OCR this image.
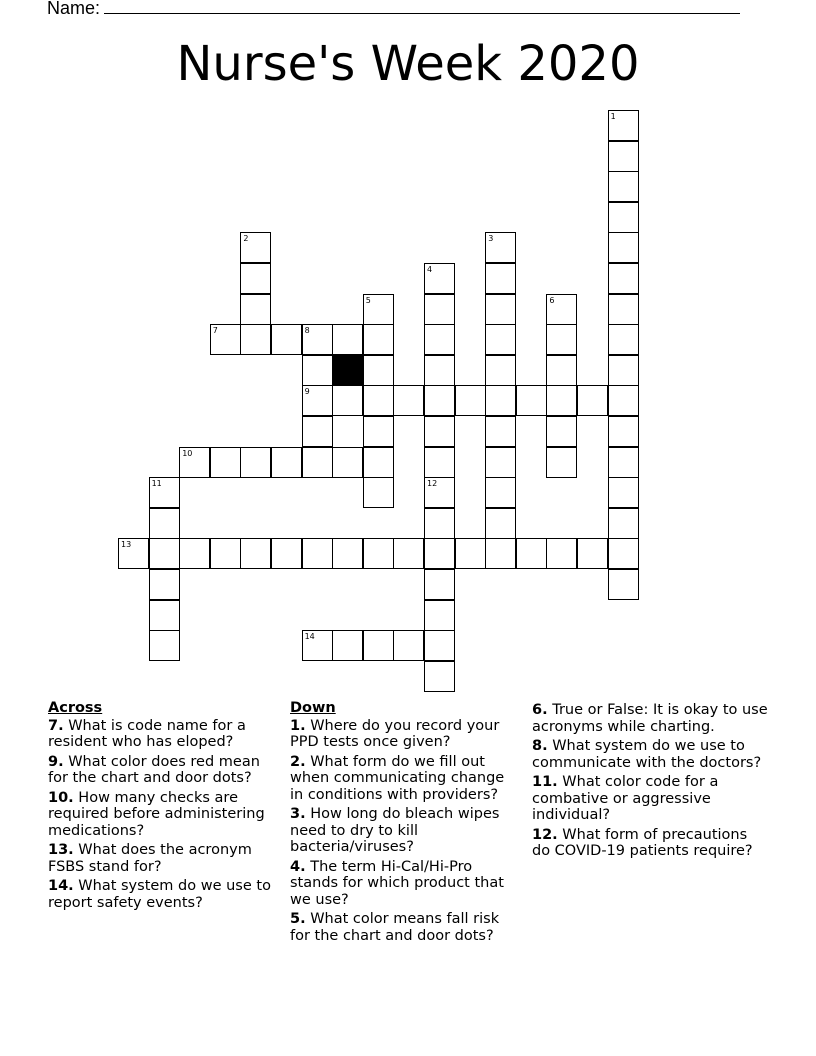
Name:
Nurse's Week 2020
1
2	3
4
5	6
7	8
9
10
11
13
12
14
Across
7. What is code name for a resident who has eloped?
9. What color does red mean for the chart and door dots?
10. How many checks are required before administering medications?
13. What does the acronym FSBS stand for?
14. What system do we use to report safety events?
Down
1. Where do you record your PPD tests once given?
2. What form do we fill out when communicating change in conditions with providers?
3. How long do bleach wipes need to dry to kill bacteria/viruses?
4. The term Hi-Cal/Hi-Pro stands for which product that we use?
5. What color means fall risk for the chart and door dots?
6. True or False: It is okay to use acronyms while charting.
8. What system do we use to communicate with the doctors?
11. What color code for a combative or aggressive individual?
12. What form of precautions do COVID-19 patients require?
